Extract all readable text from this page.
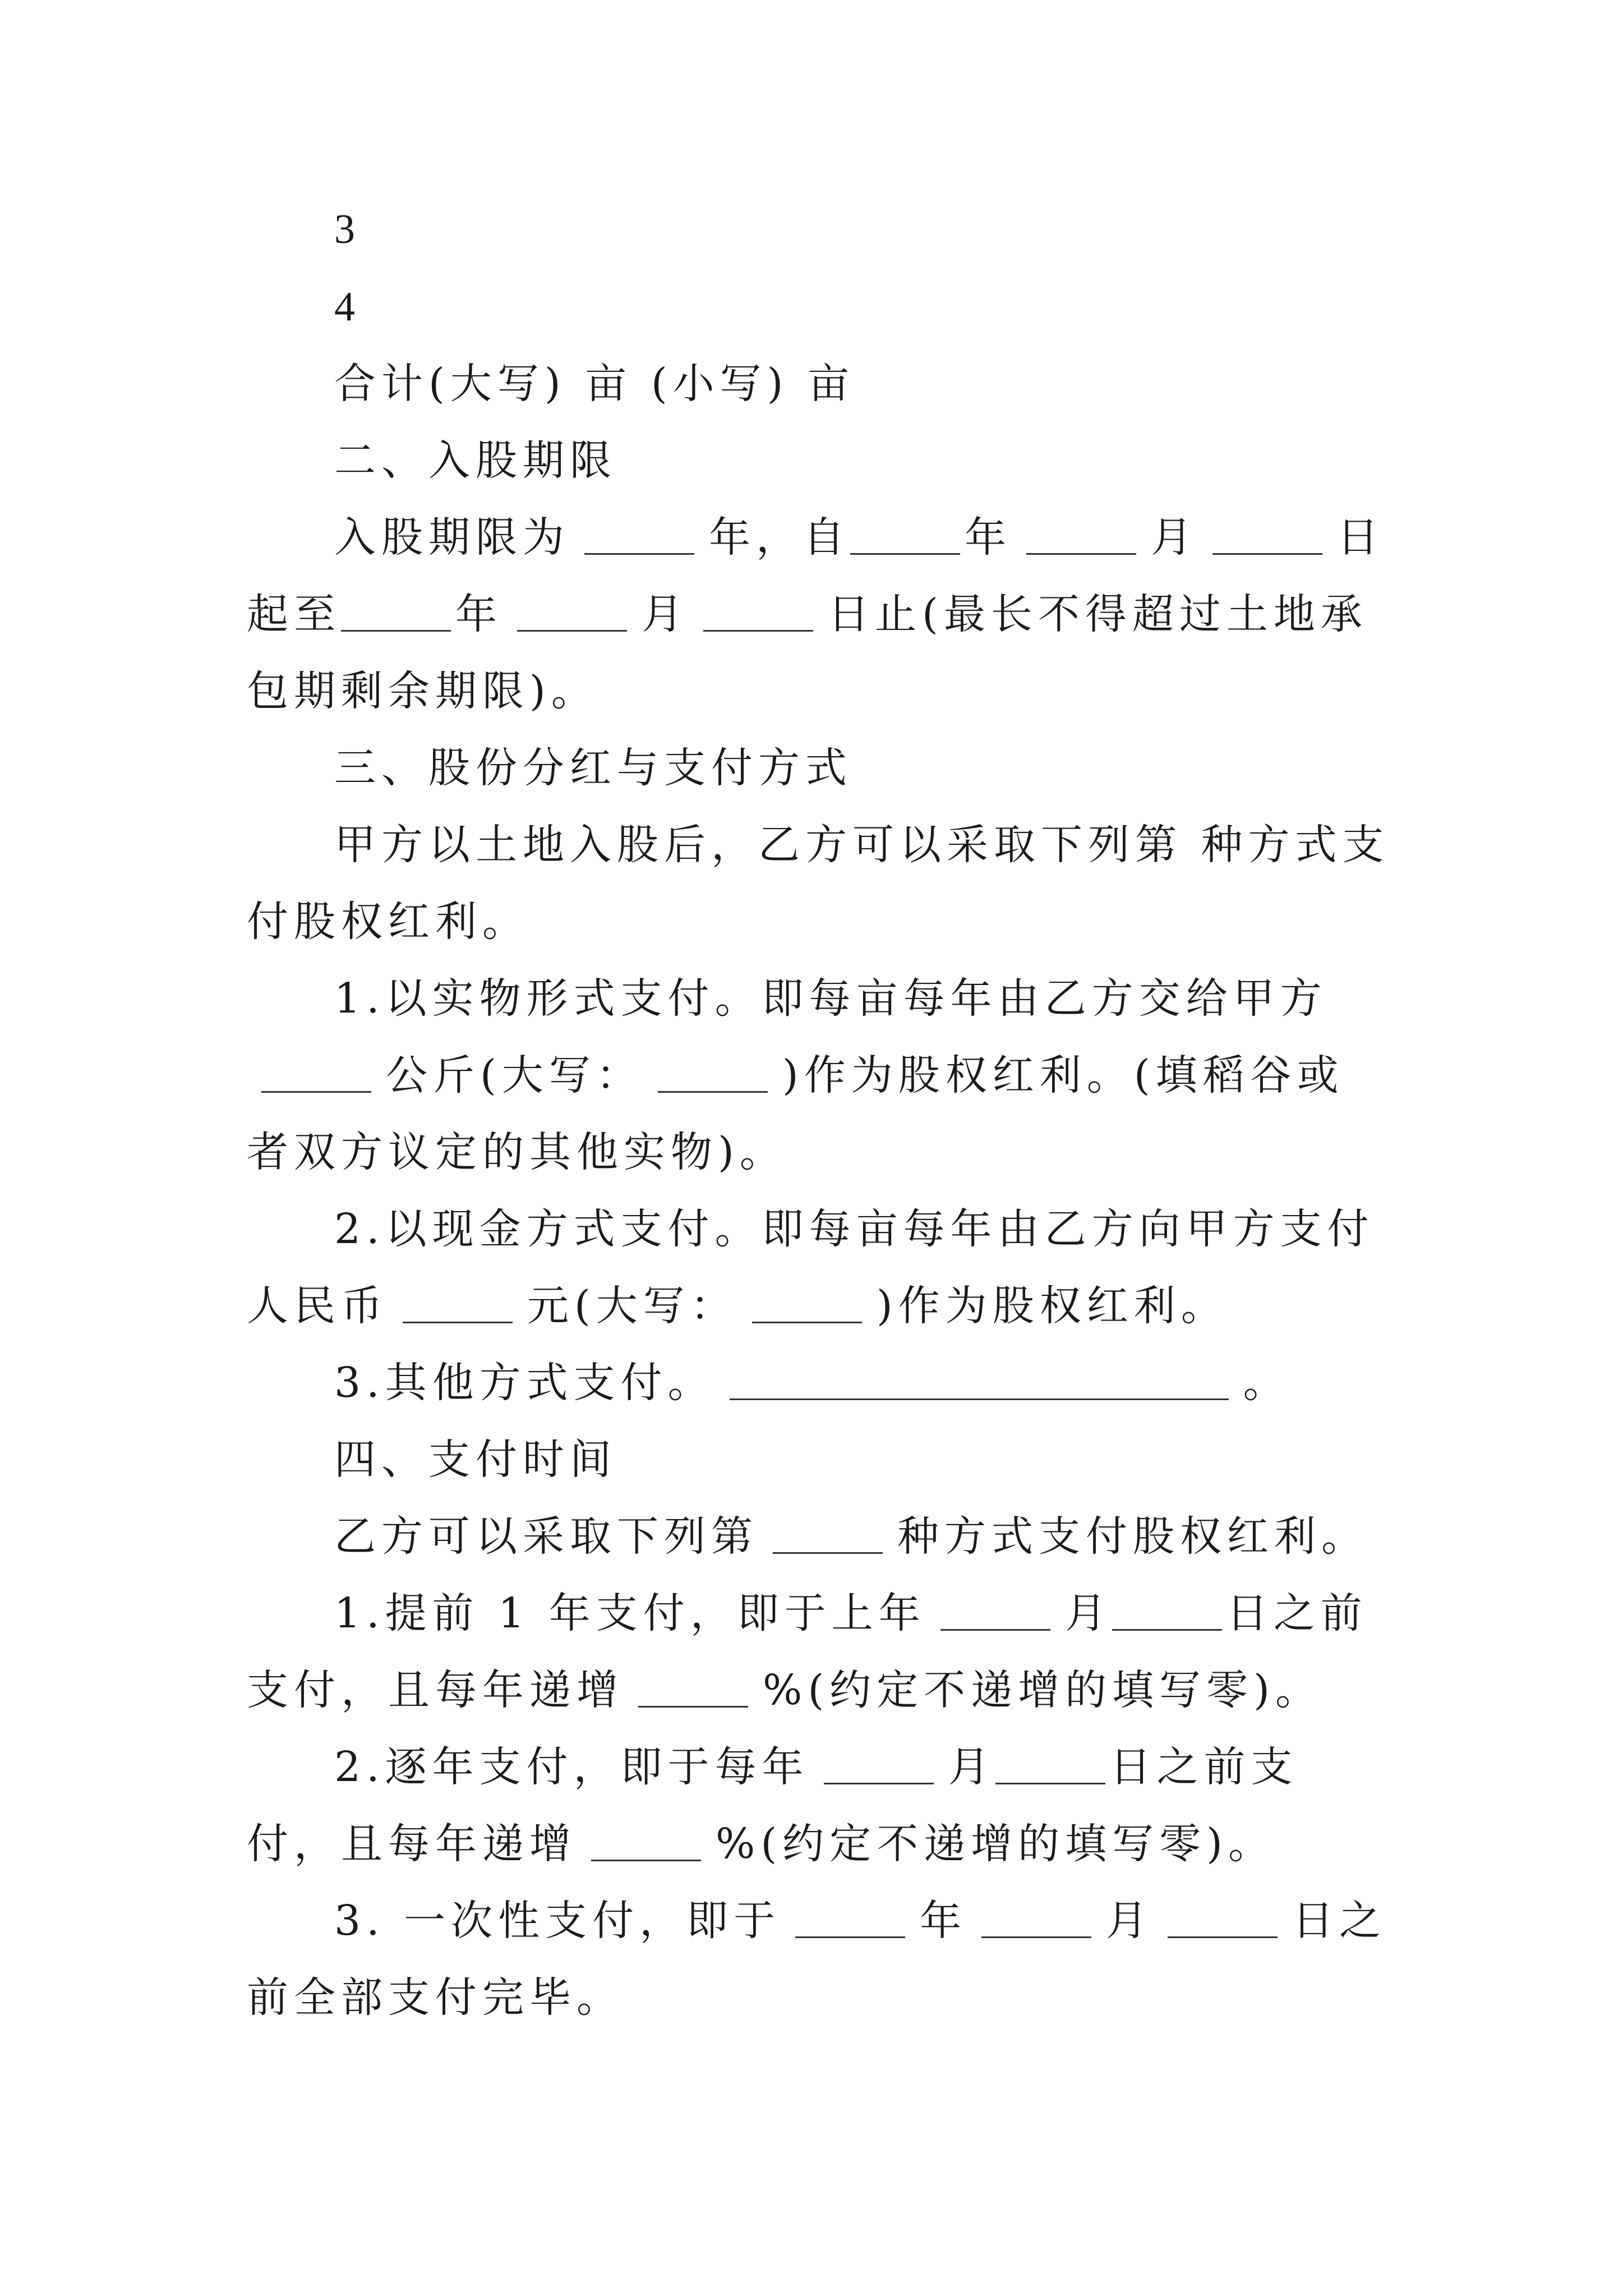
3

4

合计(大写) 亩 (小写) 亩

二、入股期限

入股期限为	年，自	年	月	日起至	年	月	日止(最长不得超过土地承包期剩余期限)。

三、股份分红与支付方式

甲方以土地入股后，乙方可以采取下列第 种方式支付股权红利。

1.以实物形式支付。即每亩每年由乙方交给甲方公斤(大写：	)作为股权红利。(填稻谷或者双方议定的其他实物)。

2.以现金方式支付。即每亩每年由乙方向甲方支付人民币	元(大写：	)作为股权红利。

3.其他方式支付。	。

四、支付时间

乙方可以采取下列第	种方式支付股权红利。

1.提前 1 年支付，即于上年	月	日之前支付，且每年递增	%(约定不递增的填写零)。

2.逐年支付，即于每年	月	日之前支付，且每年递增	%(约定不递增的填写零)。

3. 一次性支付，即于	年	月	日之前全部支付完毕。
